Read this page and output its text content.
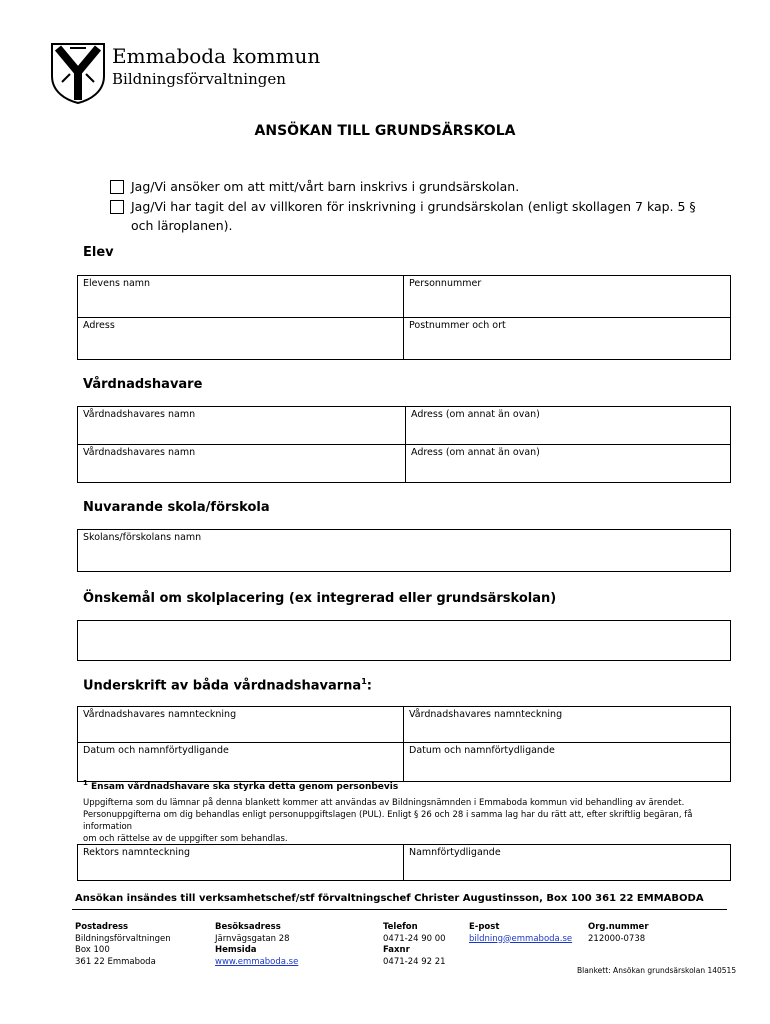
Emmaboda kommun
Bildningsförvaltningen
ANSÖKAN TILL GRUNDSÄRSKOLA
Jag/Vi ansöker om att mitt/vårt barn inskrivs i grundsärskolan.
Jag/Vi har tagit del av villkoren för inskrivning i grundsärskolan (enligt skollagen 7 kap. 5 §
och läroplanen).
Elev
Elevens namn	Personnummer
Adress	Postnummer och ort
Vårdnadshavare
Vårdnadshavares namn	Adress (om annat än ovan)
Vårdnadshavares namn	Adress (om annat än ovan)
Nuvarande skola/förskola
Skolans/förskolans namn
Önskemål om skolplacering (ex integrerad eller grundsärskolan)
Underskrift av båda vårdnadshavarna$^1$:
Vårdnadshavares namnteckning	Vårdnadshavares namnteckning
Datum och namnförtydligande	Datum och namnförtydligande
$^1$ Ensam vårdnadshavare ska styrka detta genom personbevis
Uppgifterna som du lämnar på denna blankett kommer att användas av Bildningsnämnden i Emmaboda kommun vid behandling av ärendet.
Personuppgifterna om dig behandlas enligt personuppgiftslagen (PUL). Enligt § 26 och 28 i samma lag har du rätt att, efter skriftlig begäran, få information
om och rättelse av de uppgifter som behandlas.
Rektors namnteckning	Namnförtydligande
Ansökan insändes till verksamhetschef/stf förvaltningschef Christer Augustinsson, Box 100 361 22 EMMABODA
Postadress
Bildningsförvaltningen
Box 100
361 22 Emmaboda
Besöksadress
Järnvägsgatan 28
Hemsida
www.emmaboda.se
Telefon
0471-24 90 00
Faxnr
0471-24 92 21
E-post
bildning@emmaboda.se
Org.nummer
212000-0738
Blankett: Ansökan grundsärskolan 140515
